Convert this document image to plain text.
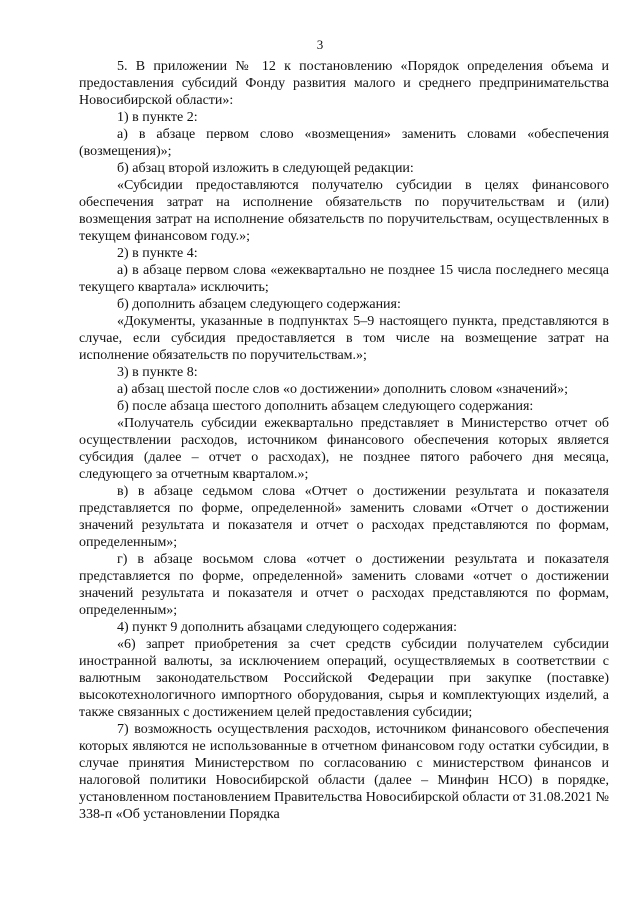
3

5. В приложении № 12 к постановлению «Порядок определения объема и предоставления субсидий Фонду развития малого и среднего предпринимательства Новосибирской области»:

1) в пункте 2:

а) в абзаце первом слово «возмещения» заменить словами «обеспечения (возмещения)»;

б) абзац второй изложить в следующей редакции:

«Субсидии предоставляются получателю субсидии в целях финансового обеспечения затрат на исполнение обязательств по поручительствам и (или) возмещения затрат на исполнение обязательств по поручительствам, осуществленных в текущем финансовом году.»;

2) в пункте 4:

а) в абзаце первом слова «ежеквартально не позднее 15 числа последнего месяца текущего квартала» исключить;

б) дополнить абзацем следующего содержания:

«Документы, указанные в подпунктах 5–9 настоящего пункта, представляются в случае, если субсидия предоставляется в том числе на возмещение затрат на исполнение обязательств по поручительствам.»;

3) в пункте 8:

а) абзац шестой после слов «о достижении» дополнить словом «значений»;

б) после абзаца шестого дополнить абзацем следующего содержания:

«Получатель субсидии ежеквартально представляет в Министерство отчет об осуществлении расходов, источником финансового обеспечения которых является субсидия (далее – отчет о расходах), не позднее пятого рабочего дня месяца, следующего за отчетным кварталом.»;

в) в абзаце седьмом слова «Отчет о достижении результата и показателя представляется по форме, определенной» заменить словами «Отчет о достижении значений результата и показателя и отчет о расходах представляются по формам, определенным»;

г) в абзаце восьмом слова «отчет о достижении результата и показателя представляется по форме, определенной» заменить словами «отчет о достижении значений результата и показателя и отчет о расходах представляются по формам, определенным»;

4) пункт 9 дополнить абзацами следующего содержания:

«6) запрет приобретения за счет средств субсидии получателем субсидии иностранной валюты, за исключением операций, осуществляемых в соответствии с валютным законодательством Российской Федерации при закупке (поставке) высокотехнологичного импортного оборудования, сырья и комплектующих изделий, а также связанных с достижением целей предоставления субсидии;

7) возможность осуществления расходов, источником финансового обеспечения которых являются не использованные в отчетном финансовом году остатки субсидии, в случае принятия Министерством по согласованию с министерством финансов и налоговой политики Новосибирской области (далее – Минфин НСО) в порядке, установленном постановлением Правительства Новосибирской области от 31.08.2021 № 338-п «Об установлении Порядка
